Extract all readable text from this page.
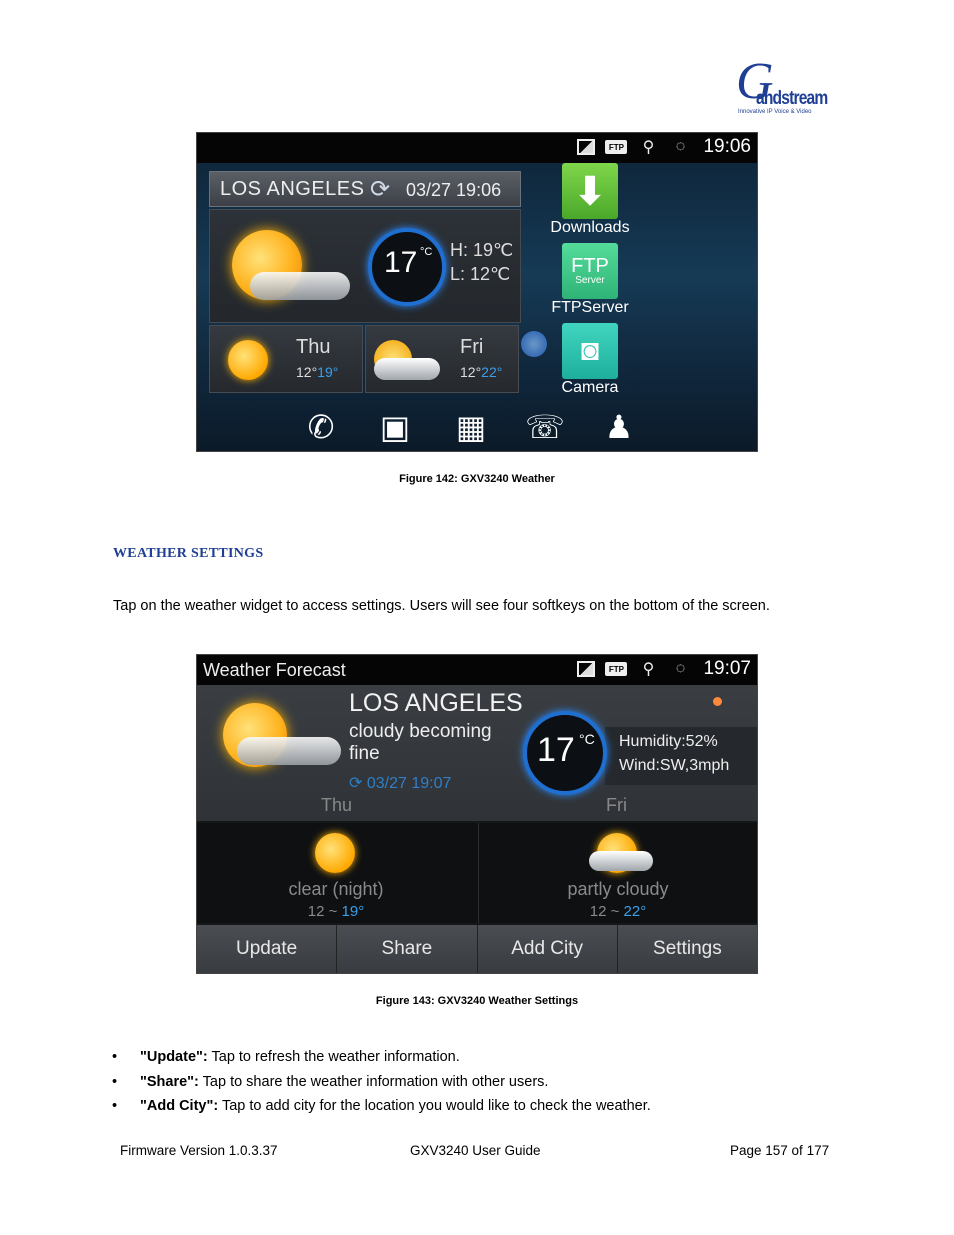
G
andstream
Innovative IP Voice & Video
FTP	⚲	◌ 19:06
LOS ANGELES ⟳ 03/27 19:06
17 °C H: 19℃
L: 12℃
Thu
12°19°
Fri
12°22°
⬇
Downloads
FTP
Server
FTPServer
◙
Camera
✆ ▣ ▦ ☏ ♟
Figure 142: GXV3240 Weather
WEATHER SETTINGS
Tap on the weather widget to access settings. Users will see four softkeys on the bottom of the screen.
Weather Forecast	FTP	⚲	◌ 19:07
LOS ANGELES
cloudy becoming fine
⟳ 03/27 19:07
Humidity:52%
Wind:SW,3mph
17 °C
Thu	Fri
clear (night)
12 ~ 19°
partly cloudy
12 ~ 22°
Update	Share	Add City	Settings
Figure 143: GXV3240 Weather Settings
• "Update": Tap to refresh the weather information.
• "Share": Tap to share the weather information with other users.
• "Add City": Tap to add city for the location you would like to check the weather.
Firmware Version 1.0.3.37	GXV3240 User Guide	Page 157 of 177
